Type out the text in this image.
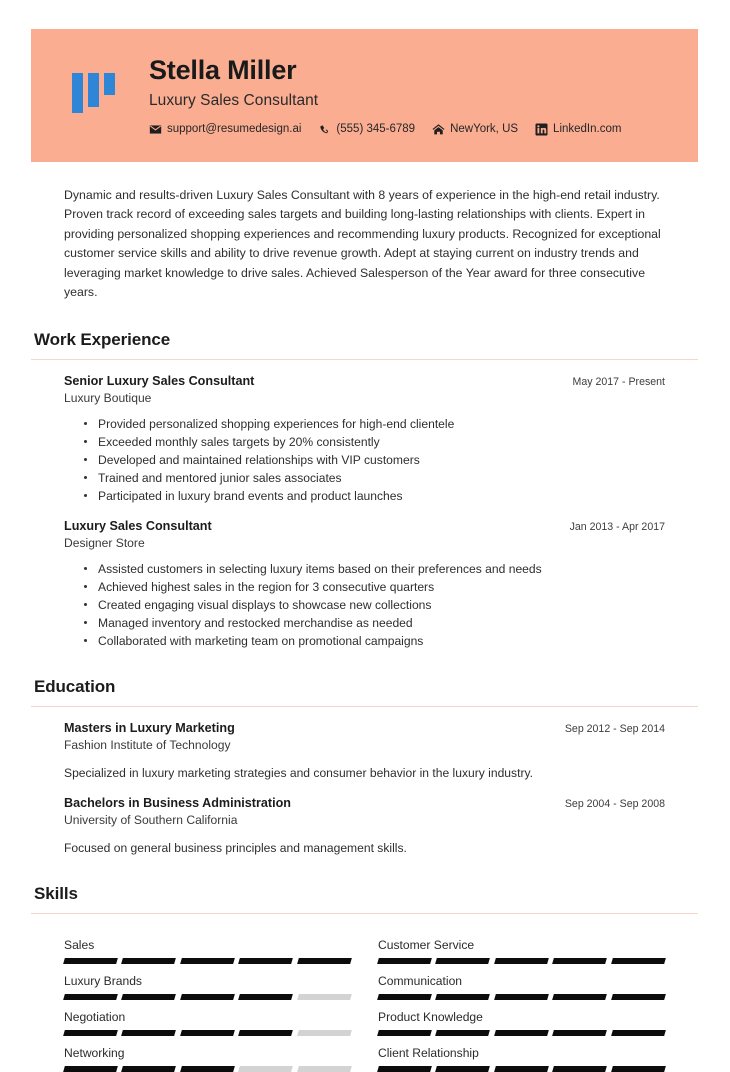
Stella Miller
Luxury Sales Consultant
support@resumedesign.ai	(555) 345-6789	NewYork, US	LinkedIn.com

Dynamic and results-driven Luxury Sales Consultant with 8 years of experience in the high-end retail industry. Proven track record of exceeding sales targets and building long-lasting relationships with clients. Expert in providing personalized shopping experiences and recommending luxury products. Recognized for exceptional customer service skills and ability to drive revenue growth. Adept at staying current on industry trends and leveraging market knowledge to drive sales. Achieved Salesperson of the Year award for three consecutive years.

Work Experience
Senior Luxury Sales Consultant	May 2017 - Present
Luxury Boutique
Provided personalized shopping experiences for high-end clientele
Exceeded monthly sales targets by 20% consistently
Developed and maintained relationships with VIP customers
Trained and mentored junior sales associates
Participated in luxury brand events and product launches
Luxury Sales Consultant	Jan 2013 - Apr 2017
Designer Store
Assisted customers in selecting luxury items based on their preferences and needs
Achieved highest sales in the region for 3 consecutive quarters
Created engaging visual displays to showcase new collections
Managed inventory and restocked merchandise as needed
Collaborated with marketing team on promotional campaigns
Education
Masters in Luxury Marketing	Sep 2012 - Sep 2014
Fashion Institute of Technology
Specialized in luxury marketing strategies and consumer behavior in the luxury industry.
Bachelors in Business Administration	Sep 2004 - Sep 2008
University of Southern California
Focused on general business principles and management skills.
Skills
Sales	Customer Service
Luxury Brands	Communication
Negotiation	Product Knowledge
Networking	Client Relationship
